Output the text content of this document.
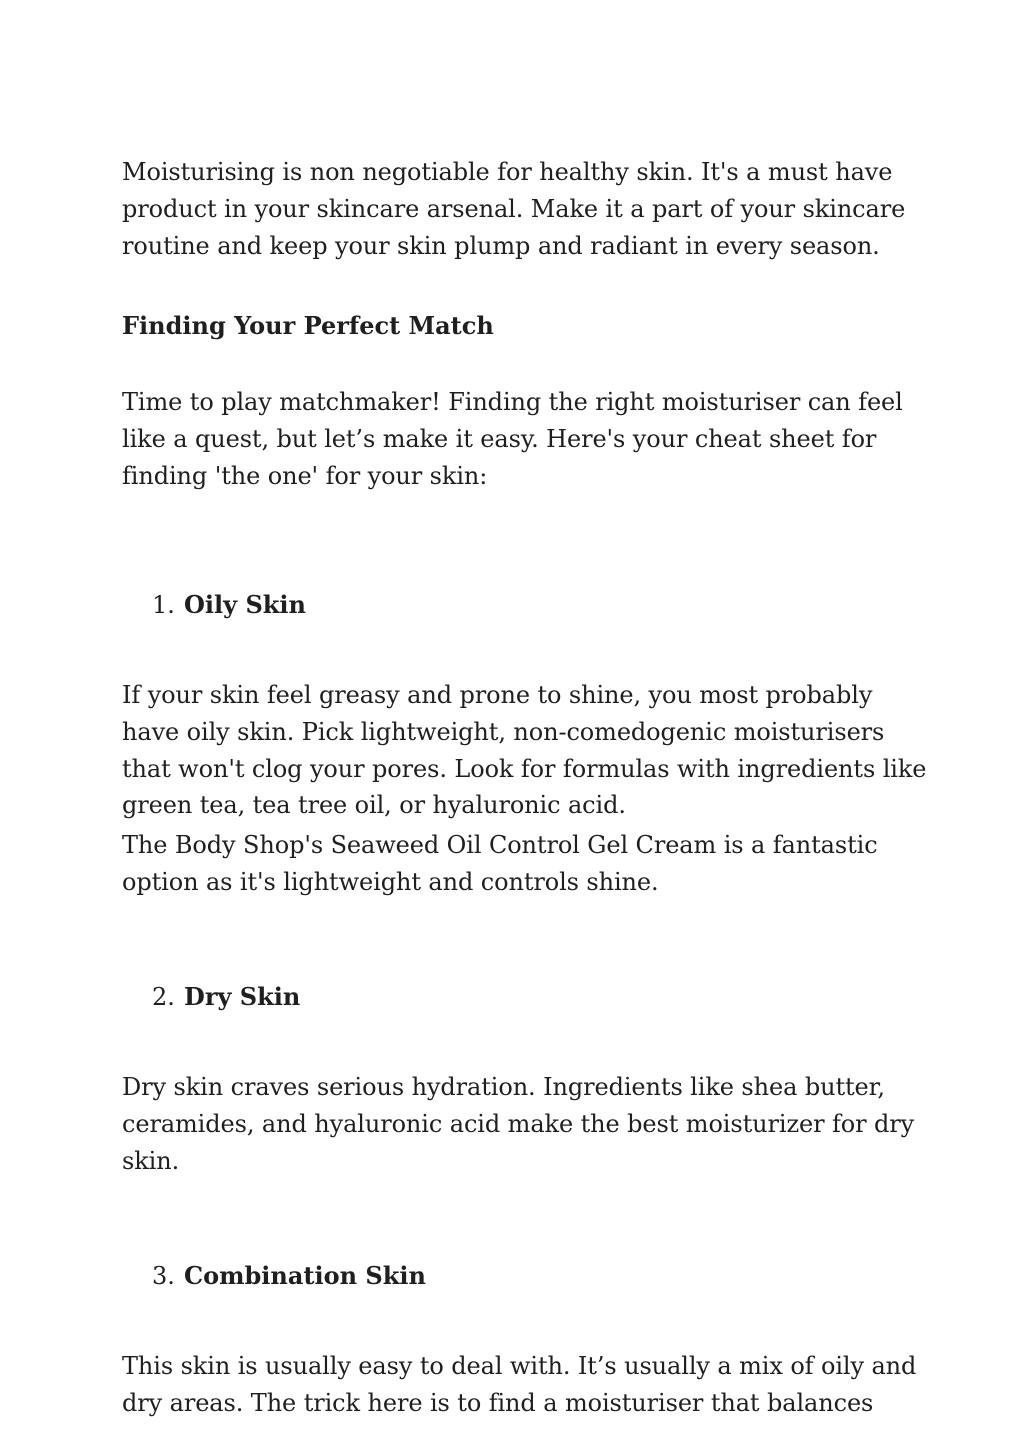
Moisturising is non negotiable for healthy skin. It's a must have
product in your skincare arsenal. Make it a part of your skincare
routine and keep your skin plump and radiant in every season.

Finding Your Perfect Match

Time to play matchmaker! Finding the right moisturiser can feel
like a quest, but let’s make it easy. Here's your cheat sheet for
finding 'the one' for your skin:

1. Oily Skin

If your skin feel greasy and prone to shine, you most probably
have oily skin. Pick lightweight, non-comedogenic moisturisers
that won't clog your pores. Look for formulas with ingredients like
green tea, tea tree oil, or hyaluronic acid.

The Body Shop's Seaweed Oil Control Gel Cream is a fantastic
option as it's lightweight and controls shine.

2. Dry Skin

Dry skin craves serious hydration. Ingredients like shea butter,
ceramides, and hyaluronic acid make the best moisturizer for dry
skin.

3. Combination Skin

This skin is usually easy to deal with. It’s usually a mix of oily and
dry areas. The trick here is to find a moisturiser that balances
